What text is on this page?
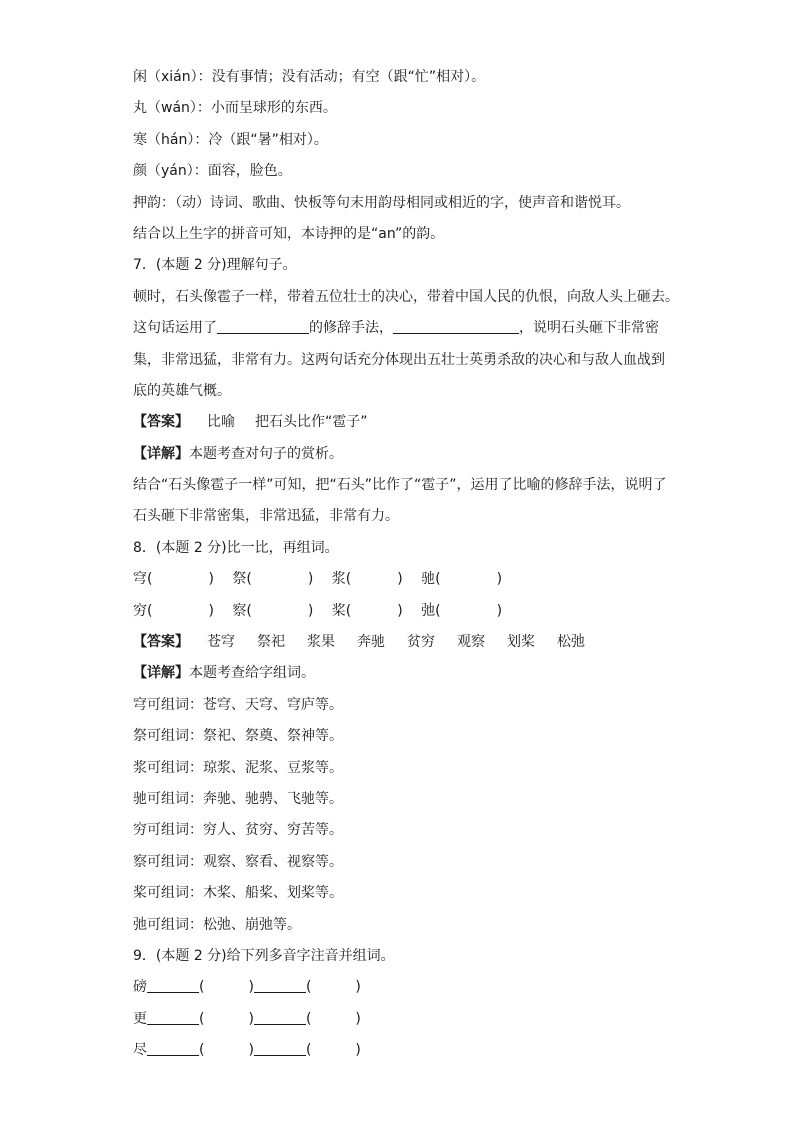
闲（xián）：没有事情；没有活动；有空（跟“忙”相对）。
丸（wán）：小而呈球形的东西。
寒（hán）：冷（跟“暑”相对）。
颜（yán）：面容，脸色。
押韵：（动）诗词、歌曲、快板等句末用韵母相同或相近的字，使声音和谐悦耳。
结合以上生字的拼音可知，本诗押的是“an”的韵。
7．(本题 2 分)理解句子。
顿时，石头像雹子一样，带着五位壮士的决心，带着中国人民的仇恨，向敌人头上砸去。
这句话运用了	的修辞手法，	，说明石头砸下非常密
集，非常迅猛，非常有力。这两句话充分体现出五壮士英勇杀敌的决心和与敌人血战到
底的英雄气概。
【答案】 比喻 把石头比作“雹子”
【详解】本题考查对句子的赏析。
结合“石头像雹子一样”可知，把“石头”比作了“雹子”，运用了比喻的修辞手法，说明了
石头砸下非常密集，非常迅猛，非常有力。
8．(本题 2 分)比一比，再组词。
穹(	) 祭(	) 浆(	) 驰(	)
穷(	) 察(	) 桨(	) 弛(	)
【答案】 苍穹 祭祀 浆果 奔驰 贫穷 观察 划桨 松弛
【详解】本题考查给字组词。
穹可组词：苍穹、天穹、穹庐等。
祭可组词：祭祀、祭奠、祭神等。
浆可组词：琼浆、泥浆、豆浆等。
驰可组词：奔驰、驰骋、飞驰等。
穷可组词：穷人、贫穷、穷苦等。
察可组词：观察、察看、视察等。
桨可组词：木桨、船桨、划桨等。
弛可组词：松弛、崩弛等。
9．(本题 2 分)给下列多音字注音并组词。
磅	(	)	(	)
更	(	)	(	)
尽	(	)	(	)
